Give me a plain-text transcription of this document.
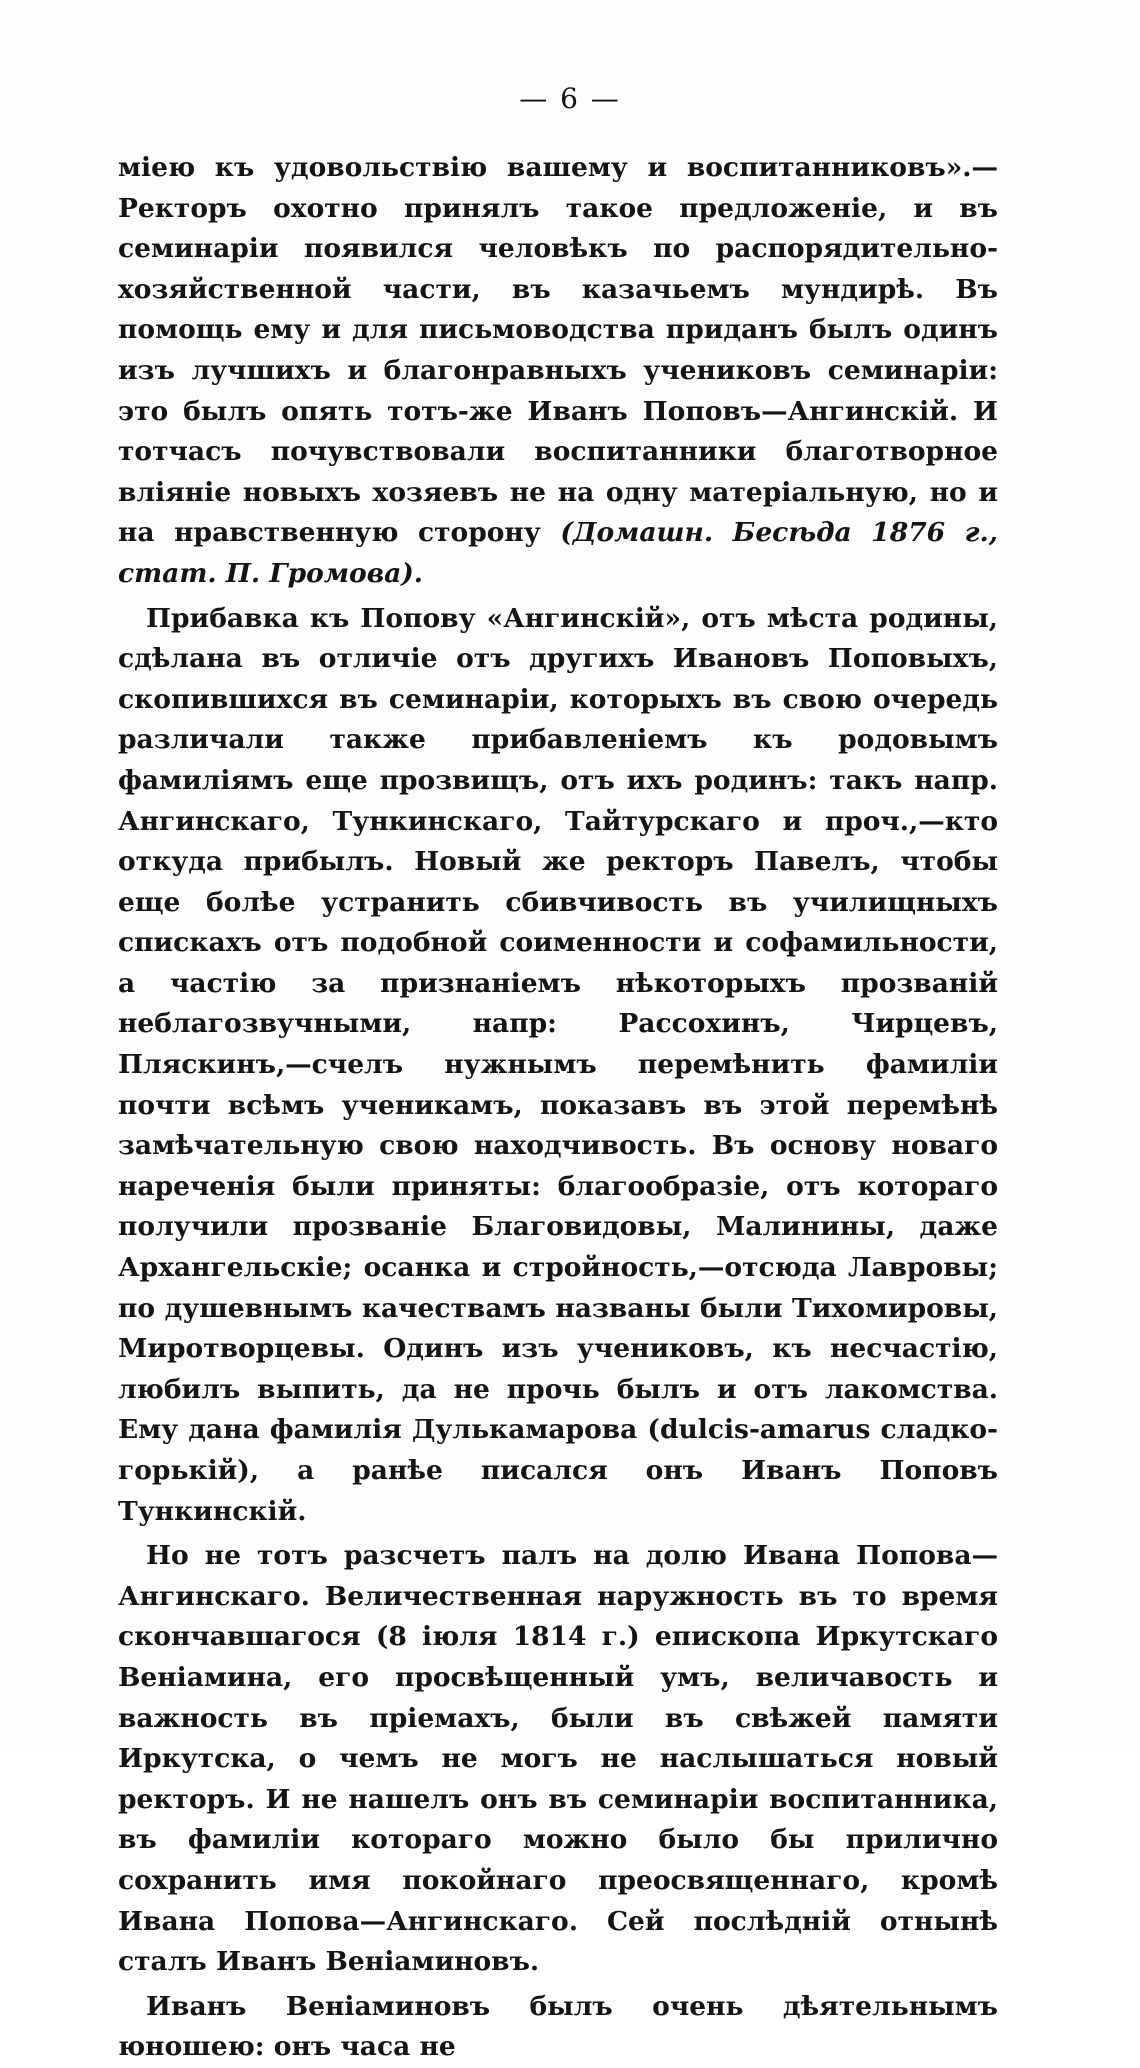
— 6 —

мiею къ удовольствiю вашему и воспитанниковъ».—Ректоръ охотно принялъ такое предложенiе, и въ семинарiи появился человѣкъ по распорядительно-хозяйственной части, въ казачьемъ мундирѣ. Въ помощь ему и для письмоводства приданъ былъ одинъ изъ лучшихъ и благонравныхъ учениковъ семинарiи: это былъ опять тотъ-же Иванъ Поповъ—Ангинскiй. И тотчасъ почувствовали воспитанники благотворное влiянiе новыхъ хозяевъ не на одну матерiальную, но и на нравственную сторону (Домашн. Бесѣда 1876 г., стат. П. Громова).

Прибавка къ Попову «Ангинскiй», отъ мѣста родины, сдѣлана въ отличiе отъ другихъ Ивановъ Поповыхъ, скопившихся въ семинарiи, которыхъ въ свою очередь различали также прибавленiемъ къ родовымъ фамилiямъ еще прозвищъ, отъ ихъ родинъ: такъ напр. Ангинскаго, Тункинскаго, Тайтурскаго и проч.,—кто откуда прибылъ. Новый же ректоръ Павелъ, чтобы еще болѣе устранить сбивчивость въ училищныхъ спискахъ отъ подобной соименности и софамильности, а частiю за признанiемъ нѣкоторыхъ прозванiй неблагозвучными, напр: Рассохинъ, Чирцевъ, Пляскинъ,—счелъ нужнымъ перемѣнить фамилiи почти всѣмъ ученикамъ, показавъ въ этой перемѣнѣ замѣчательную свою находчивость. Въ основу новаго нареченiя были приняты: благообразiе, отъ котораго получили прозванiе Благовидовы, Малинины, даже Архангельскiе; осанка и стройность,—отсюда Лавровы; по душевнымъ качествамъ названы были Тихомировы, Миротворцевы. Одинъ изъ учениковъ, къ несчастiю, любилъ выпить, да не прочь былъ и отъ лакомства. Ему дана фамилiя Дулькамарова (dulcis-amarus сладко-горькiй), а ранѣе писался онъ Иванъ Поповъ Тункинскiй.

Но не тотъ разсчетъ палъ на долю Ивана Попова—Ангинскаго. Величественная наружность въ то время скончавшагося (8 iюля 1814 г.) епископа Иркутскаго Венiамина, его просвѣщенный умъ, величавость и важность въ прiемахъ, были въ свѣжей памяти Иркутска, о чемъ не могъ не наслышаться новый ректоръ. И не нашелъ онъ въ семинарiи воспитанника, въ фамилiи котораго можно было бы прилично сохранить имя покойнаго преосвященнаго, кромѣ Ивана Попова—Ангинскаго. Сей послѣднiй отнынѣ сталъ Иванъ Венiаминовъ.

Иванъ Венiаминовъ былъ очень дѣятельнымъ юношею: онъ часа не
